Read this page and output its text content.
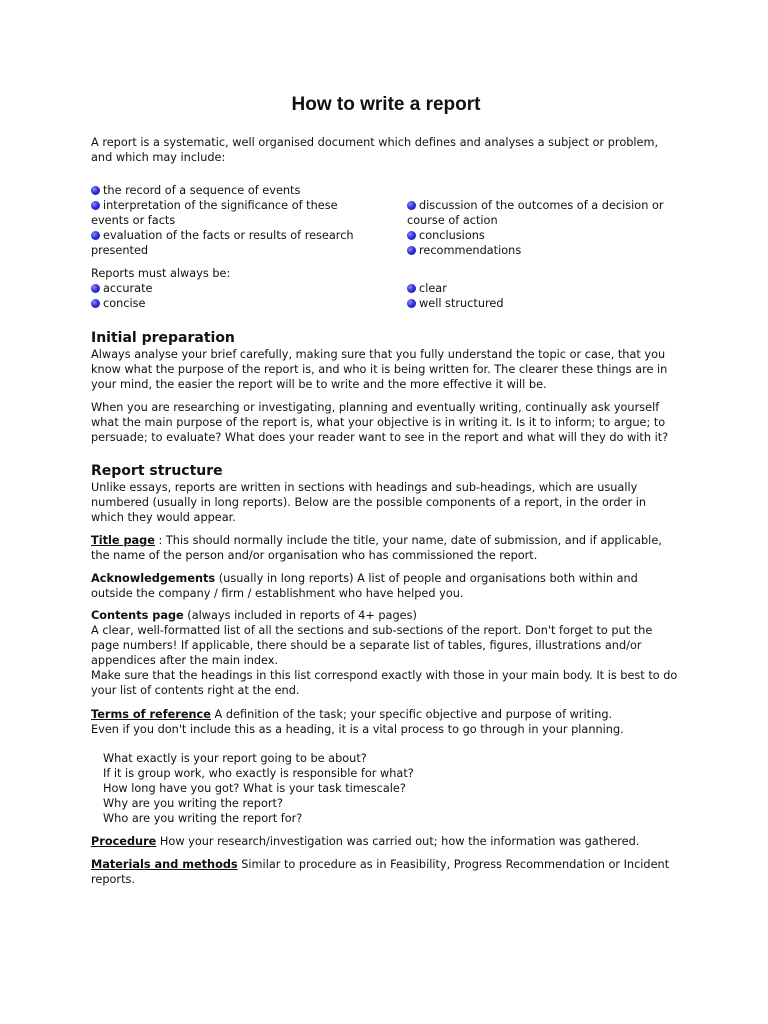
How to write a report

A report is a systematic, well organised document which defines and analyses a subject or problem, and which may include:

the record of a sequence of events

interpretation of the significance of these events or facts

evaluation of the facts or results of research presented

discussion of the outcomes of a decision or course of action

conclusions

recommendations

Reports must always be:

accurate

concise

clear

well structured

Initial preparation

Always analyse your brief carefully, making sure that you fully understand the topic or case, that you know what the purpose of the report is, and who it is being written for. The clearer these things are in your mind, the easier the report will be to write and the more effective it will be.

When you are researching or investigating, planning and eventually writing, continually ask yourself what the main purpose of the report is, what your objective is in writing it. Is it to inform; to argue; to persuade; to evaluate? What does your reader want to see in the report and what will they do with it?

Report structure

Unlike essays, reports are written in sections with headings and sub-headings, which are usually numbered (usually in long reports). Below are the possible components of a report, in the order in which they would appear.

Title page : This should normally include the title, your name, date of submission, and if applicable, the name of the person and/or organisation who has commissioned the report.

Acknowledgements (usually in long reports) A list of people and organisations both within and outside the company / firm / establishment who have helped you.

Contents page (always included in reports of 4+ pages)

A clear, well-formatted list of all the sections and sub-sections of the report. Don't forget to put the page numbers! If applicable, there should be a separate list of tables, figures, illustrations and/or appendices after the main index.

Make sure that the headings in this list correspond exactly with those in your main body. It is best to do your list of contents right at the end.

Terms of reference A definition of the task; your specific objective and purpose of writing.

Even if you don't include this as a heading, it is a vital process to go through in your planning.

What exactly is your report going to be about?

If it is group work, who exactly is responsible for what?

How long have you got? What is your task timescale?

Why are you writing the report?

Who are you writing the report for?

Procedure How your research/investigation was carried out; how the information was gathered.

Materials and methods Similar to procedure as in Feasibility, Progress Recommendation or Incident reports.
